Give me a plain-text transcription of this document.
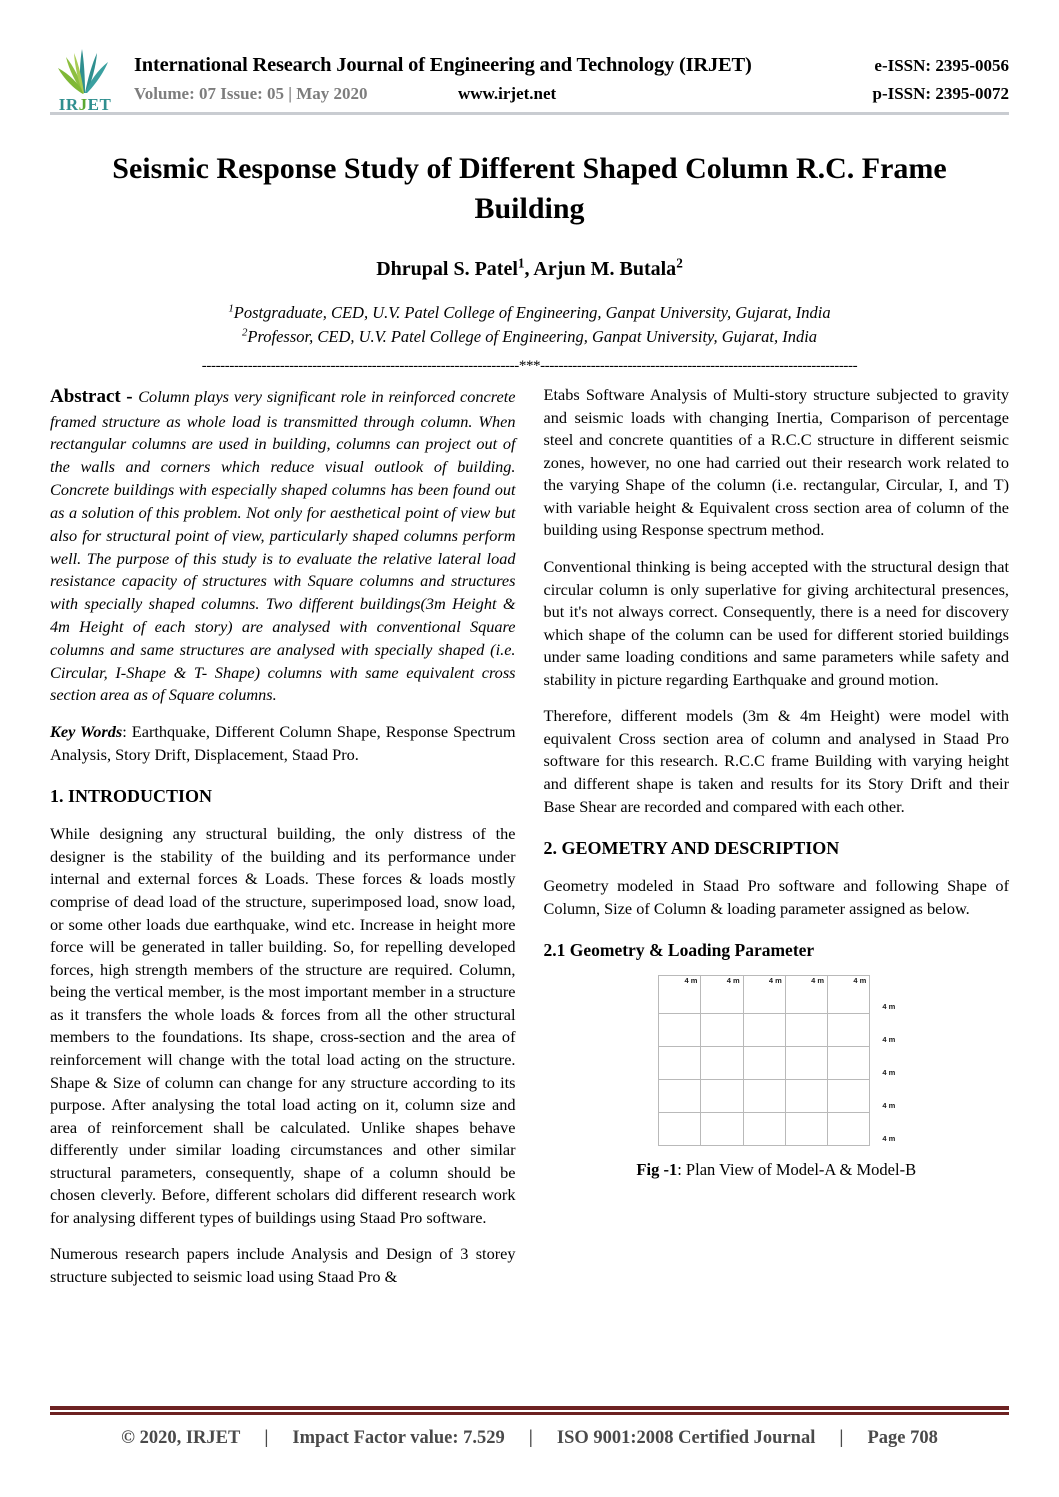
IRJET
International Research Journal of Engineering and Technology (IRJET)	e-ISSN: 2395-0056
Volume: 07 Issue: 05 | May 2020	www.irjet.net	p-ISSN: 2395-0072
Seismic Response Study of Different Shaped Column R.C. Frame Building
Dhrupal S. Patel$^1$, Arjun M. Butala$^2$
$^1$Postgraduate, CED, U.V. Patel College of Engineering, Ganpat University, Gujarat, India
$^2$Professor, CED, U.V. Patel College of Engineering, Ganpat University, Gujarat, India
---------------------------------------------------------------------***---------------------------------------------------------------------

Abstract - Column plays very significant role in reinforced concrete framed structure as whole load is transmitted through column. When rectangular columns are used in building, columns can project out of the walls and corners which reduce visual outlook of building. Concrete buildings with especially shaped columns has been found out as a solution of this problem. Not only for aesthetical point of view but also for structural point of view, particularly shaped columns perform well. The purpose of this study is to evaluate the relative lateral load resistance capacity of structures with Square columns and structures with specially shaped columns. Two different buildings(3m Height & 4m Height of each story) are analysed with conventional Square columns and same structures are analysed with specially shaped (i.e. Circular, I-Shape & T- Shape) columns with same equivalent cross section area as of Square columns.

Key Words: Earthquake, Different Column Shape, Response Spectrum Analysis, Story Drift, Displacement, Staad Pro.

1. INTRODUCTION

While designing any structural building, the only distress of the designer is the stability of the building and its performance under internal and external forces & Loads. These forces & loads mostly comprise of dead load of the structure, superimposed load, snow load, or some other loads due earthquake, wind etc. Increase in height more force will be generated in taller building. So, for repelling developed forces, high strength members of the structure are required. Column, being the vertical member, is the most important member in a structure as it transfers the whole loads & forces from all the other structural members to the foundations. Its shape, cross-section and the area of reinforcement will change with the total load acting on the structure. Shape & Size of column can change for any structure according to its purpose. After analysing the total load acting on it, column size and area of reinforcement shall be calculated. Unlike shapes behave differently under similar loading circumstances and other similar structural parameters, consequently, shape of a column should be chosen cleverly. Before, different scholars did different research work for analysing different types of buildings using Staad Pro software.

Numerous research papers include Analysis and Design of 3 storey structure subjected to seismic load using Staad Pro &

Etabs Software Analysis of Multi-story structure subjected to gravity and seismic loads with changing Inertia, Comparison of percentage steel and concrete quantities of a R.C.C structure in different seismic zones, however, no one had carried out their research work related to the varying Shape of the column (i.e. rectangular, Circular, I, and T) with variable height & Equivalent cross section area of column of the building using Response spectrum method.

Conventional thinking is being accepted with the structural design that circular column is only superlative for giving architectural presences, but it's not always correct. Consequently, there is a need for discovery which shape of the column can be used for different storied buildings under same loading conditions and same parameters while safety and stability in picture regarding Earthquake and ground motion.

Therefore, different models (3m & 4m Height) were model with equivalent Cross section area of column and analysed in Staad Pro software for this research. R.C.C frame Building with varying height and different shape is taken and results for its Story Drift and their Base Shear are recorded and compared with each other.

2. GEOMETRY AND DESCRIPTION

Geometry modeled in Staad Pro software and following Shape of Column, Size of Column & loading parameter assigned as below.

2.1 Geometry & Loading Parameter
4 m	4 m	4 m	4 m	4 m
4 m

				4 m

				4 m

				4 m

				4 m
Fig -1: Plan View of Model-A & Model-B
© 2020, IRJET	|	Impact Factor value: 7.529	|	ISO 9001:2008 Certified Journal	|	Page 708
